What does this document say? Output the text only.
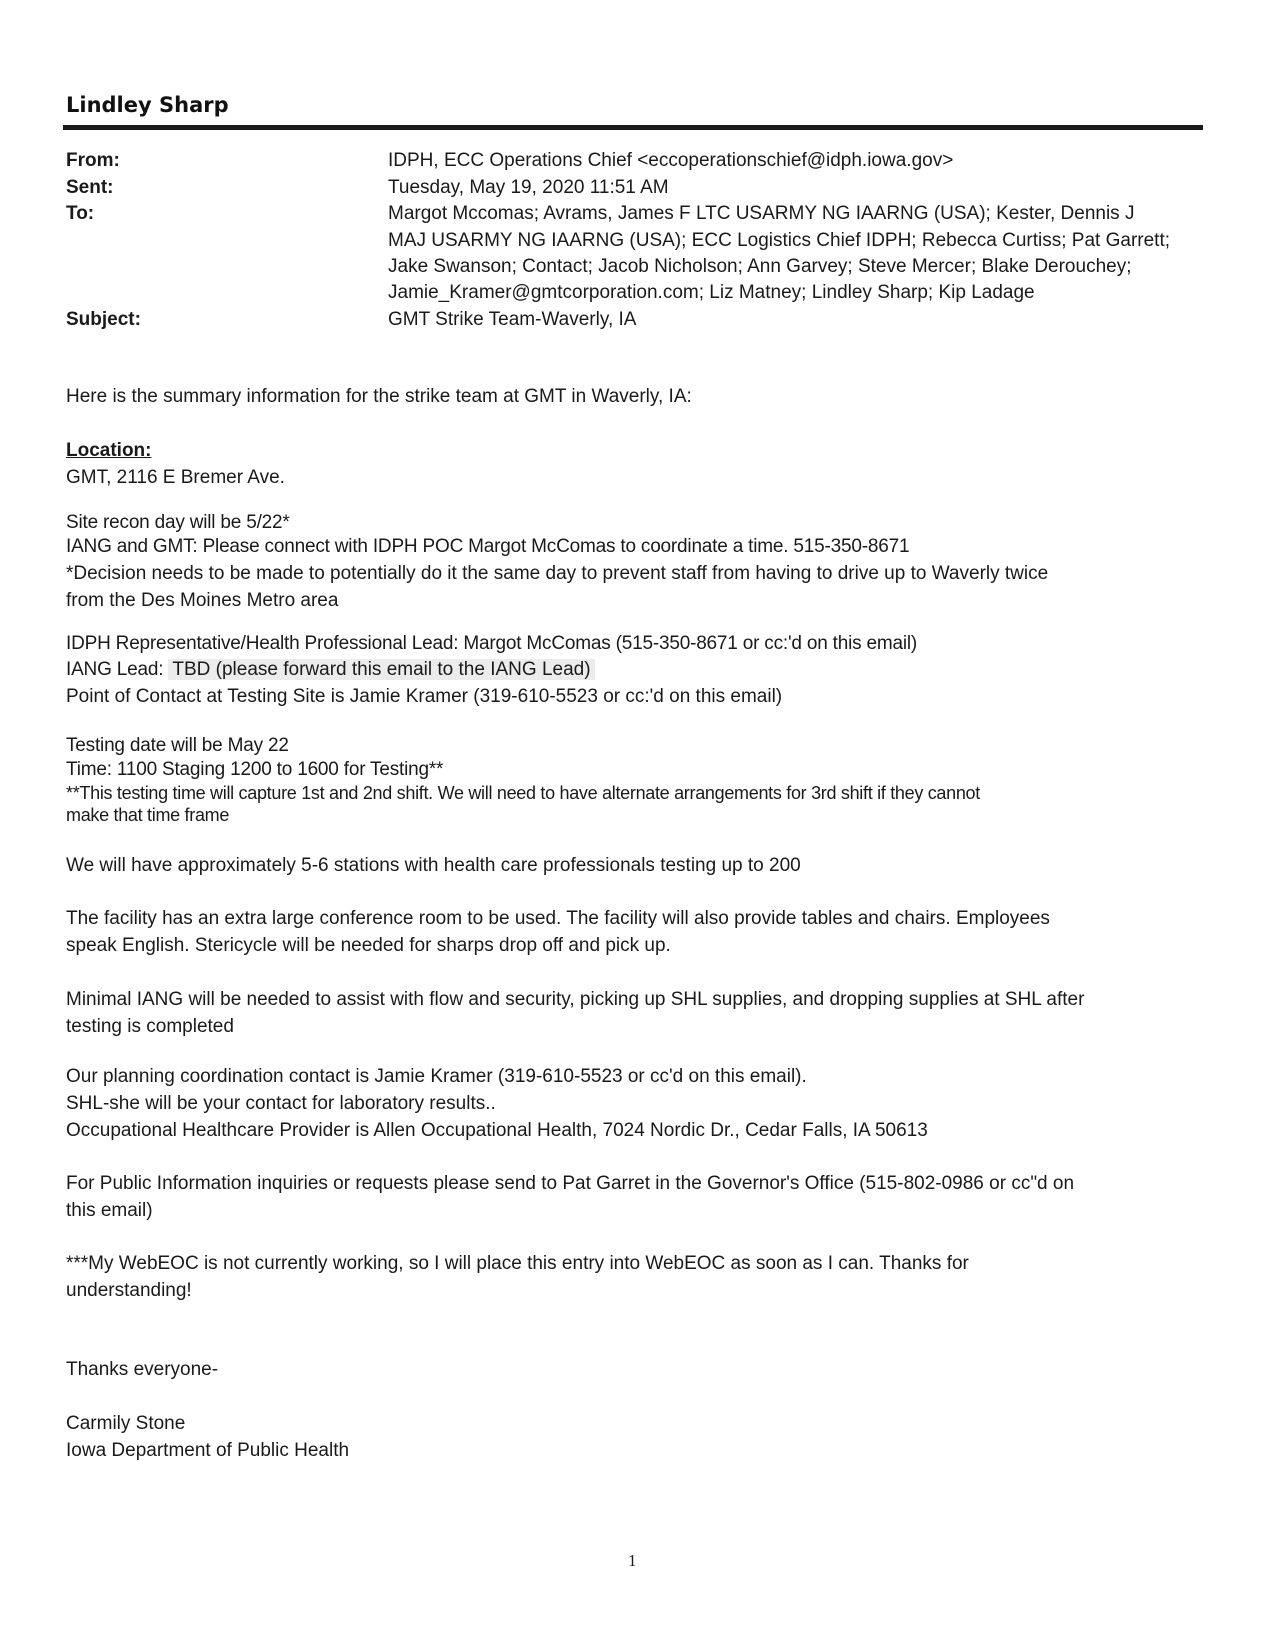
Lindley Sharp
From:	IDPH, ECC Operations Chief <eccoperationschief@idph.iowa.gov>
Sent:	Tuesday, May 19, 2020 11:51 AM
To:	Margot Mccomas; Avrams, James F LTC USARMY NG IAARNG (USA); Kester, Dennis J
MAJ USARMY NG IAARNG (USA); ECC Logistics Chief IDPH; Rebecca Curtiss; Pat Garrett;
Jake Swanson; Contact; Jacob Nicholson; Ann Garvey; Steve Mercer; Blake Derouchey;
Jamie_Kramer@gmtcorporation.com; Liz Matney; Lindley Sharp; Kip Ladage
Subject:	GMT Strike Team-Waverly, IA
Here is the summary information for the strike team at GMT in Waverly, IA:

Location:

GMT, 2116 E Bremer Ave.

Site recon day will be 5/22*

IANG and GMT: Please connect with IDPH POC Margot McComas to coordinate a time. 515-350-8671

*Decision needs to be made to potentially do it the same day to prevent staff from having to drive up to Waverly twice

from the Des Moines Metro area

IDPH Representative/Health Professional Lead: Margot McComas (515-350-8671 or cc:'d on this email)

IANG Lead: TBD (please forward this email to the IANG Lead)

Point of Contact at Testing Site is Jamie Kramer (319-610-5523 or cc:'d on this email)

Testing date will be May 22

Time: 1100 Staging 1200 to 1600 for Testing**

**This testing time will capture 1st and 2nd shift. We will need to have alternate arrangements for 3rd shift if they cannot

make that time frame

We will have approximately 5-6 stations with health care professionals testing up to 200

The facility has an extra large conference room to be used. The facility will also provide tables and chairs. Employees

speak English. Stericycle will be needed for sharps drop off and pick up.

Minimal IANG will be needed to assist with flow and security, picking up SHL supplies, and dropping supplies at SHL after

testing is completed

Our planning coordination contact is Jamie Kramer (319-610-5523 or cc'd on this email).

SHL-she will be your contact for laboratory results..

Occupational Healthcare Provider is Allen Occupational Health, 7024 Nordic Dr., Cedar Falls, IA 50613

For Public Information inquiries or requests please send to Pat Garret in the Governor's Office (515-802-0986 or cc"d on

this email)

***My WebEOC is not currently working, so I will place this entry into WebEOC as soon as I can. Thanks for

understanding!

Thanks everyone-

Carmily Stone

Iowa Department of Public Health

1
